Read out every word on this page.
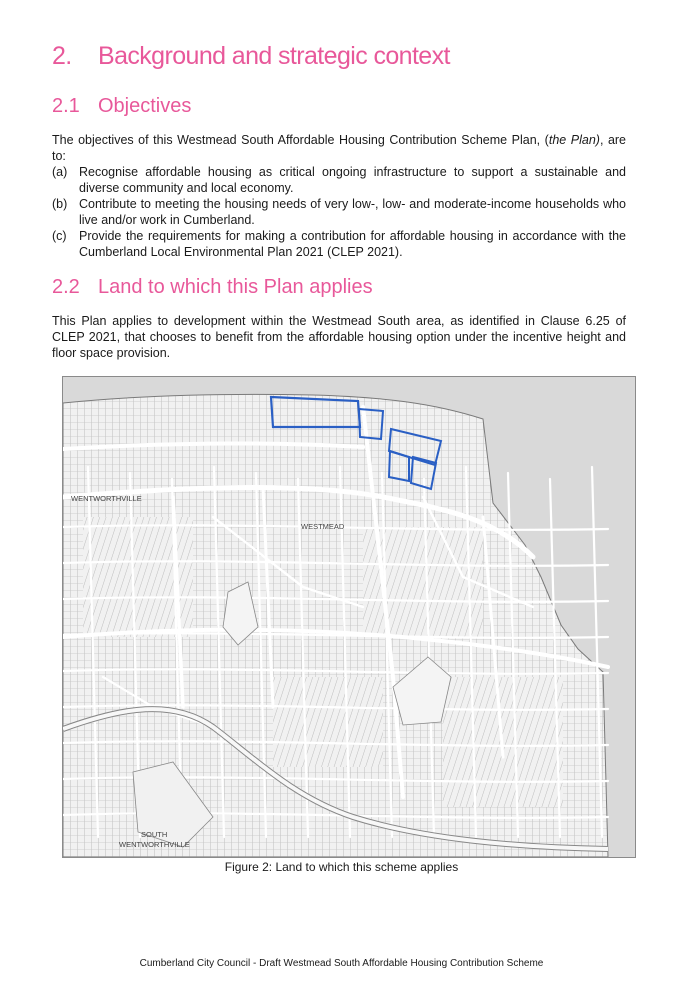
2. Background and strategic context
2.1 Objectives

The objectives of this Westmead South Affordable Housing Contribution Scheme Plan, (the Plan), are to:

(a) Recognise affordable housing as critical ongoing infrastructure to support a sustainable and diverse community and local economy.
(b) Contribute to meeting the housing needs of very low-, low- and moderate-income households who live and/or work in Cumberland.
(c) Provide the requirements for making a contribution for affordable housing in accordance with the Cumberland Local Environmental Plan 2021 (CLEP 2021).
2.2 Land to which this Plan applies

This Plan applies to development within the Westmead South area, as identified in Clause 6.25 of CLEP 2021, that chooses to benefit from the affordable housing option under the incentive height and floor space provision.

WENTWORTHVILLE
WESTMEAD
SOUTH
WENTWORTHVILLE
Figure 2: Land to which this scheme applies
Cumberland City Council - Draft Westmead South Affordable Housing Contribution Scheme
